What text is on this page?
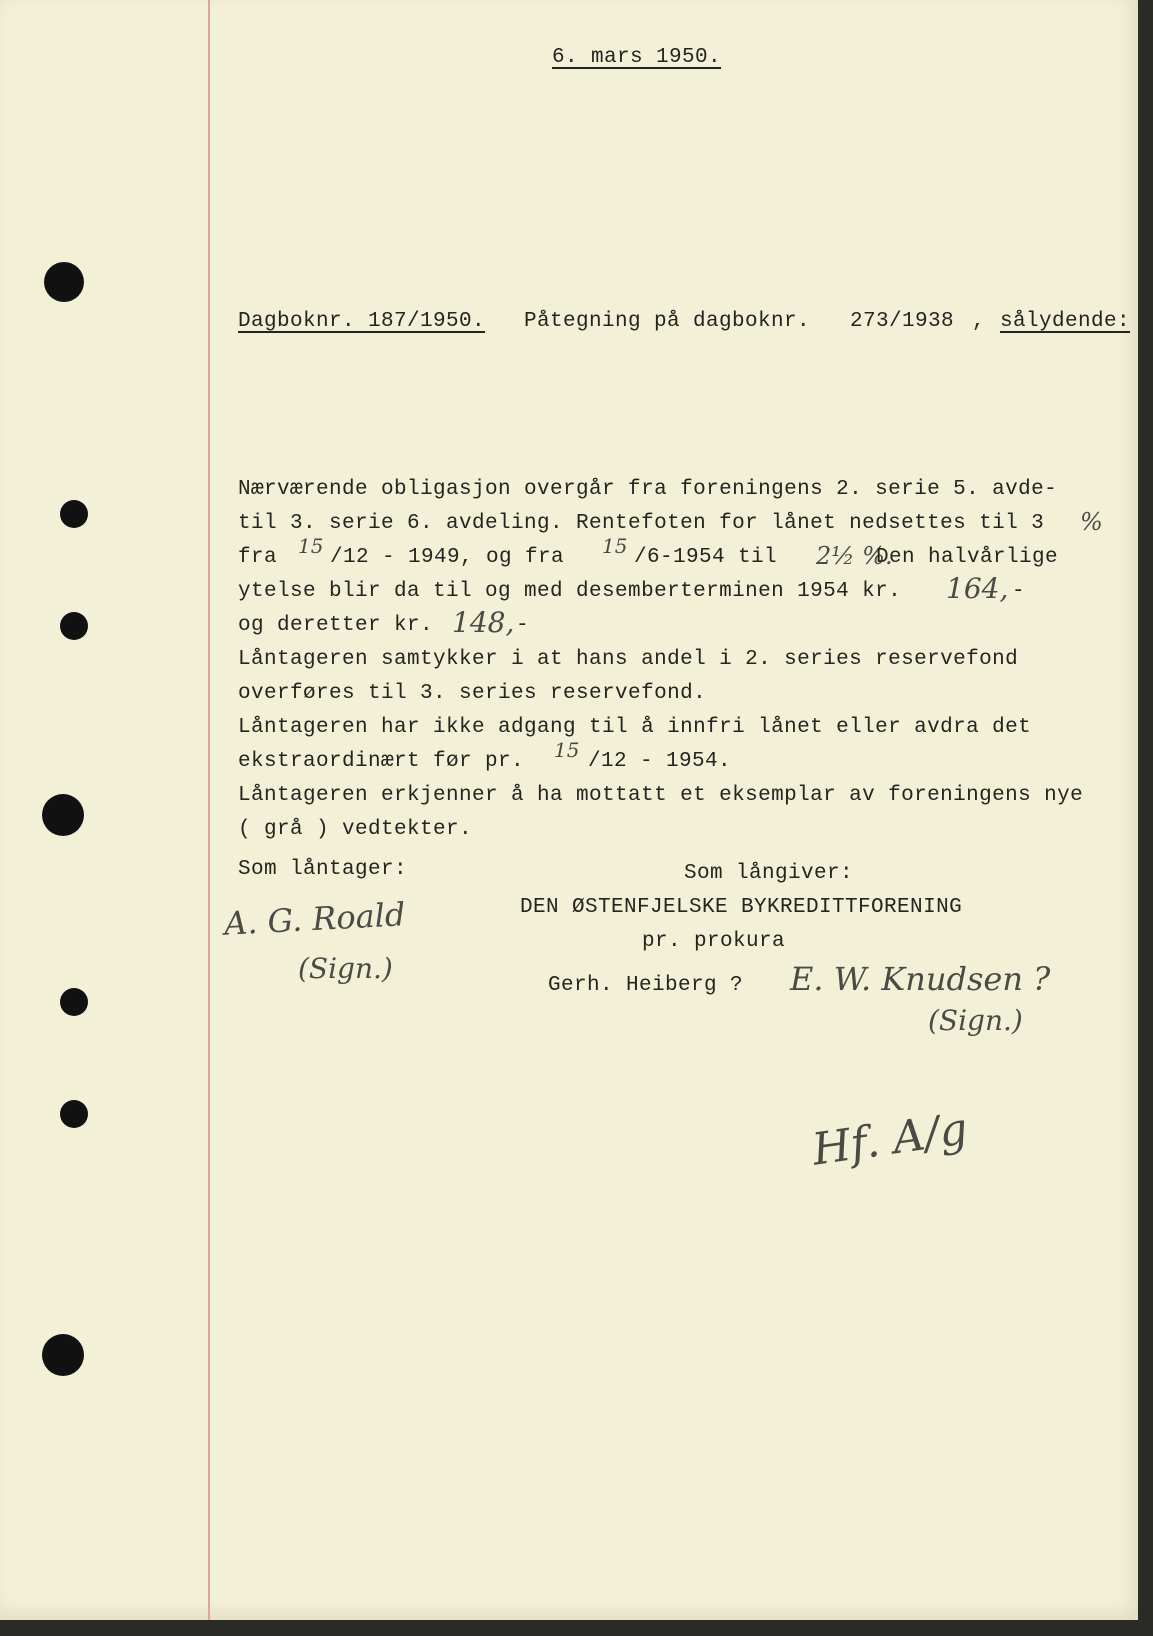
6. mars 1950.
Dagboknr. 187/1950. Påtegning på dagboknr. 273/1938 , sålydende:
Nærværende obligasjon overgår fra foreningens 2. serie 5. avde-
til 3. serie 6. avdeling. Rentefoten for lånet nedsettes til 3 %
fra 15 /12 - 1949, og fra 15 /6-1954 til 2½ %.
Den halvårlige
ytelse blir da til og med desemberterminen 1954 kr. 164, -
og deretter kr. 148, -
Låntageren samtykker i at hans andel i 2. series reservefond
overføres til 3. series reservefond.
Låntageren har ikke adgang til å innfri lånet eller avdra det
ekstraordinært før pr. 15 /12 - 1954.
Låntageren erkjenner å ha mottatt et eksemplar av foreningens nye
( grå ) vedtekter.
Som låntager:	Som långiver:
DEN ØSTENFJELSKE BYKREDITTFORENING
pr. prokura
Gerh. Heiberg ?
A. G. Roald
(Sign.)	E. W. Knudsen ?
(Sign.)
Hf. A/g
